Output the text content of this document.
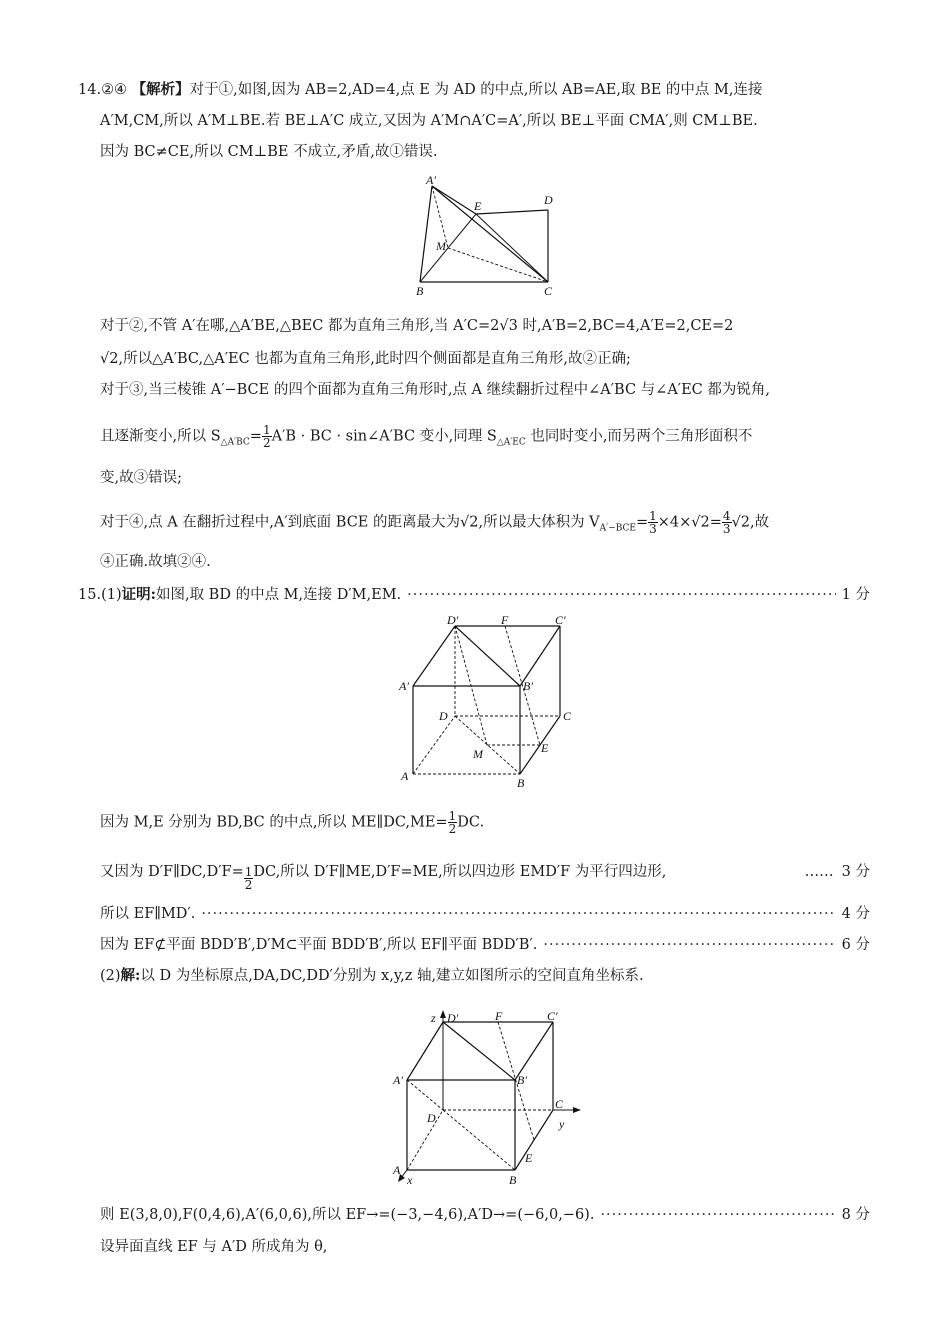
14.②④ 【解析】对于①,如图,因为 AB=2,AD=4,点 E 为 AD 的中点,所以 AB=AE,取 BE 的中点 M,连接
A′M,CM,所以 A′M⊥BE.若 BE⊥A′C 成立,又因为 A′M∩A′C=A′,所以 BE⊥平面 CMA′,则 CM⊥BE.
因为 BC≠CE,所以 CM⊥BE 不成立,矛盾,故①错误.
A′
E	D
M
B	C
对于②,不管 A′在哪,△A′BE,△BEC 都为直角三角形,当 A′C=2√3 时,A′B=2,BC=4,A′E=2,CE=2
√2,所以△A′BC,△A′EC 也都为直角三角形,此时四个侧面都是直角三角形,故②正确;
对于③,当三棱锥 A′−BCE 的四个面都为直角三角形时,点 A 继续翻折过程中∠A′BC 与∠A′EC 都为锐角,
且逐渐变小,所以 $S_{\triangle A'BC}= \frac{1}{2} A'B$ · BC · sin∠A′BC 变小,同理 $S_{\triangle A'EC}$ 也同时变小,而另两个三角形面积不
变,故③错误;
对于④,点 A 在翻折过程中,A′到底面 BCE 的距离最大为√2,所以最大体积为 $V_{A'-BCE}= \frac{1}{3} \times 4\times√2= \frac{4}{3} √2$,故
④正确.故填②④.
15. (1) 证明: 如图,取 BD 的中点 M,连接 D′M,EM. ·····	1 分
D′	F	C′
A′	B′
D	C
M	E
A	B
因为 M,E 分别为 BD,BC 的中点,所以 ME∥DC,ME= $\frac{1}{2}$ DC.
又因为 D′F∥DC,D′F= $\frac{1}{2}$ DC,所以 D′F∥ME,D′F=ME,所以四边形 EMD′F 为平行四边形,	…… 3 分
所以 EF∥MD′. ·····	4 分
因为 EF⊄平面 BDD′B′,D′M⊂平面 BDD′B′,所以 EF∥平面 BDD′B′. ·····	6 分
(2)解:以 D 为坐标原点,DA,DC,DD′分别为 x,y,z 轴,建立如图所示的空间直角坐标系.
z D′	F	C′
A′	B′
D
C
y
E
A
x	B
则 E(3,8,0),F(0,4,6),A′(6,0,6),所以 EF→=(−3,−4,6),A′D→=(−6,0,−6). ·····	8 分
设异面直线 EF 与 A′D 所成角为 θ,
